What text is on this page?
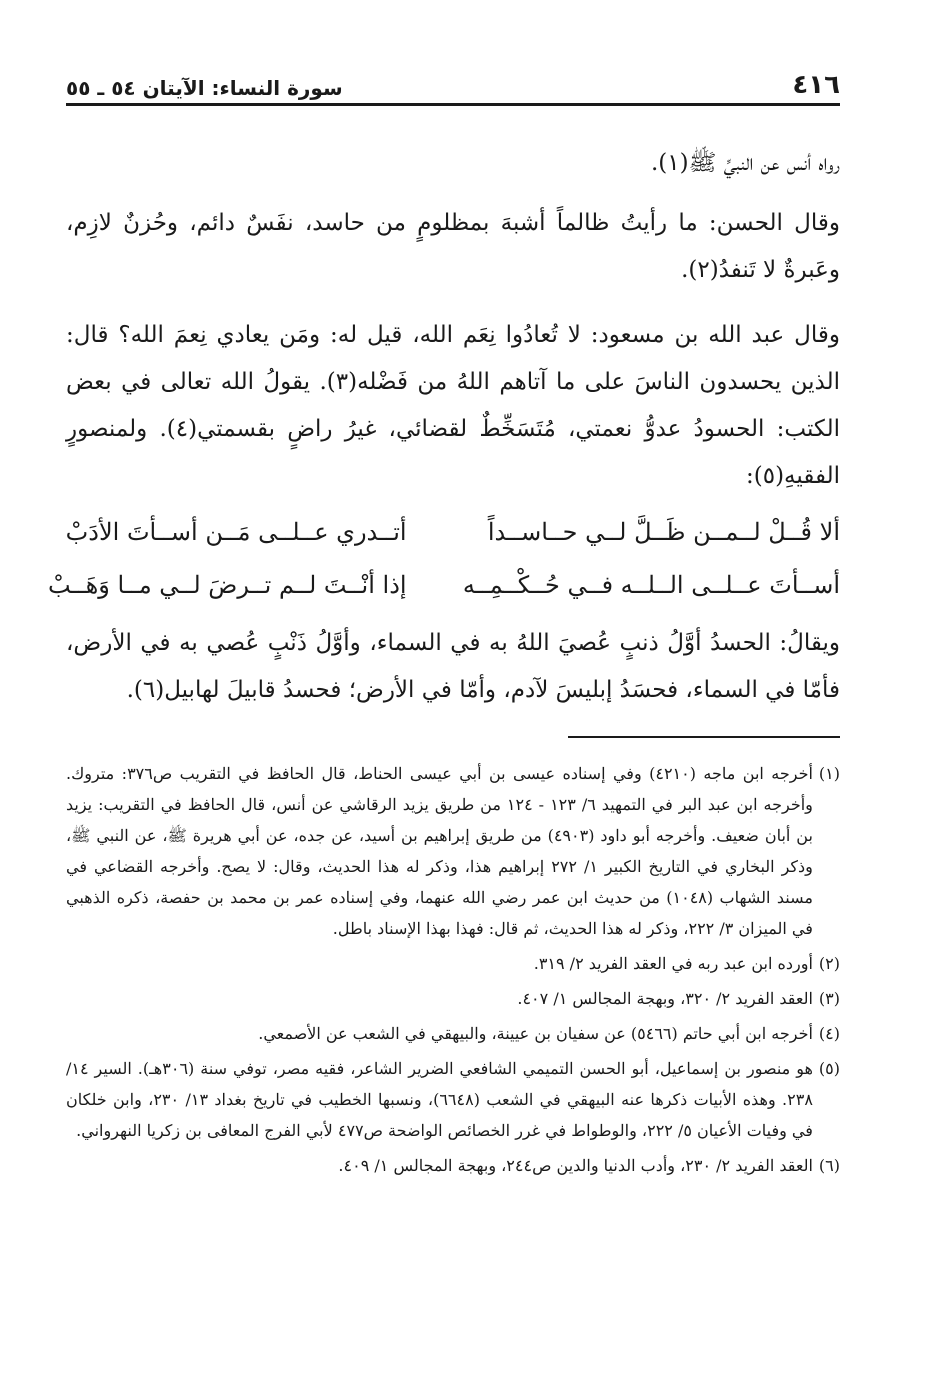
٤١٦
سورة النساء: الآيتان ٥٤ ـ ٥٥

رواه أنس عن النبيِّ ﷺ(١).

وقال الحسن: ما رأيتُ ظالماً أشبهَ بمظلومٍ من حاسد، نفَسٌ دائم، وحُزنٌ لازِم، وعَبرةٌ لا تَنفدُ(٢).

وقال عبد الله بن مسعود: لا تُعادُوا نِعَم الله، قيل له: ومَن يعادي نِعمَ الله؟ قال: الذين يحسدون الناسَ على ما آتاهم اللهُ من فَضْله(٣). يقولُ الله تعالى في بعض الكتب: الحسودُ عدوُّ نعمتي، مُتَسَخِّطٌ لقضائي، غيرُ راضٍ بقسمتي(٤). ولمنصورٍ الفقيهِ(٥):

ألا قُــلْ لــمــن ظَــلَّ لــي حــاســداً
أتــدري عــلــى مَــن أســأتَ الأدَبْ
أســأتَ عــلــى الــلــه فــي حُــكْــمِــه
إذا أنْــتَ لــم تــرضَ لــي مــا وَهَــبْ

ويقالُ: الحسدُ أوَّلُ ذنبٍ عُصيَ اللهُ به في السماء، وأوَّلُ ذَنْبٍ عُصي به في الأرض، فأمّا في السماء، فحسَدُ إبليسَ لآدم، وأمّا في الأرض؛ فحسدُ قابيلَ لهابيل(٦).

(١)
أخرجه ابن ماجه (٤٢١٠) وفي إسناده عيسى بن أبي عيسى الحناط، قال الحافظ في التقريب ص٣٧٦: متروك. وأخرجه ابن عبد البر في التمهيد ٦/ ١٢٣ - ١٢٤ من طريق يزيد الرقاشي عن أنس، قال الحافظ في التقريب: يزيد بن أبان ضعيف. وأخرجه أبو داود (٤٩٠٣) من طريق إبراهيم بن أسيد، عن جده، عن أبي هريرة ﷺ، عن النبي ﷺ، وذكر البخاري في التاريخ الكبير ١/ ٢٧٢ إبراهيم هذا، وذكر له هذا الحديث، وقال: لا يصح. وأخرجه القضاعي في مسند الشهاب (١٠٤٨) من حديث ابن عمر رضي الله عنهما، وفي إسناده عمر بن محمد بن حفصة، ذكره الذهبي في الميزان ٣/ ٢٢٢، وذكر له هذا الحديث، ثم قال: فهذا بهذا الإسناد باطل.
(٢)
أورده ابن عبد ربه في العقد الفريد ٢/ ٣١٩.
(٣)
العقد الفريد ٢/ ٣٢٠، وبهجة المجالس ١/ ٤٠٧.
(٤)
أخرجه ابن أبي حاتم (٥٤٦٦) عن سفيان بن عيينة، والبيهقي في الشعب عن الأصمعي.
(٥)
هو منصور بن إسماعيل، أبو الحسن التميمي الشافعي الضرير الشاعر، فقيه مصر، توفي سنة (٣٠٦هـ). السير ١٤/ ٢٣٨. وهذه الأبيات ذكرها عنه البيهقي في الشعب (٦٦٤٨)، ونسبها الخطيب في تاريخ بغداد ١٣/ ٢٣٠، وابن خلكان في وفيات الأعيان ٥/ ٢٢٢، والوطواط في غرر الخصائص الواضحة ص٤٧٧ لأبي الفرج المعافى بن زكريا النهرواني.
(٦)
العقد الفريد ٢/ ٢٣٠، وأدب الدنيا والدين ص٢٤٤، وبهجة المجالس ١/ ٤٠٩.
